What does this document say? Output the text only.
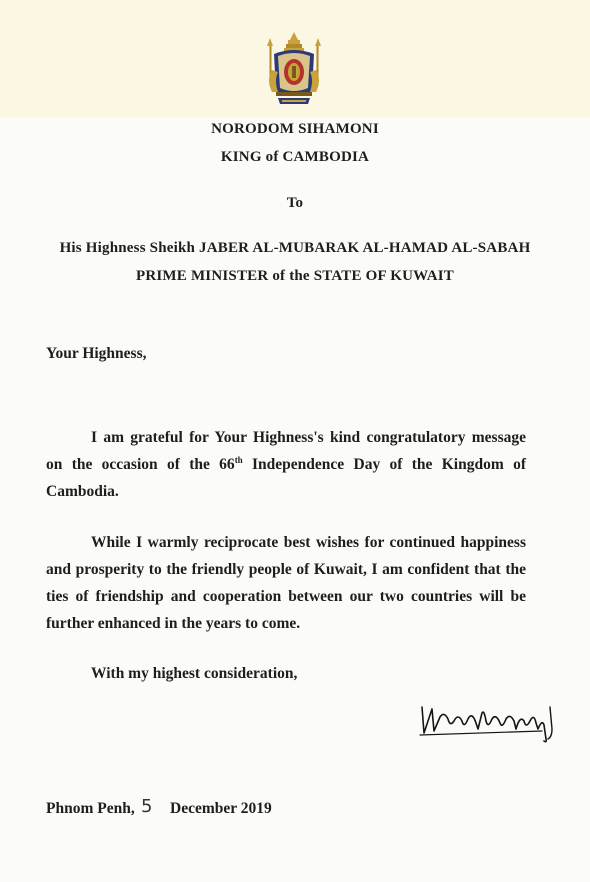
NORODOM SIHAMONI
KING of CAMBODIA
To
His Highness Sheikh JABER AL-MUBARAK AL-HAMAD AL-SABAH
PRIME MINISTER of the STATE OF KUWAIT
Your Highness,

I am grateful for Your Highness's kind congratulatory message on the occasion of the 66th Independence Day of the Kingdom of Cambodia.

While I warmly reciprocate best wishes for continued happiness and prosperity to the friendly people of Kuwait, I am confident that the ties of friendship and cooperation between our two countries will be further enhanced in the years to come.

With my highest consideration,
Phnom Penh, 5 December 2019
